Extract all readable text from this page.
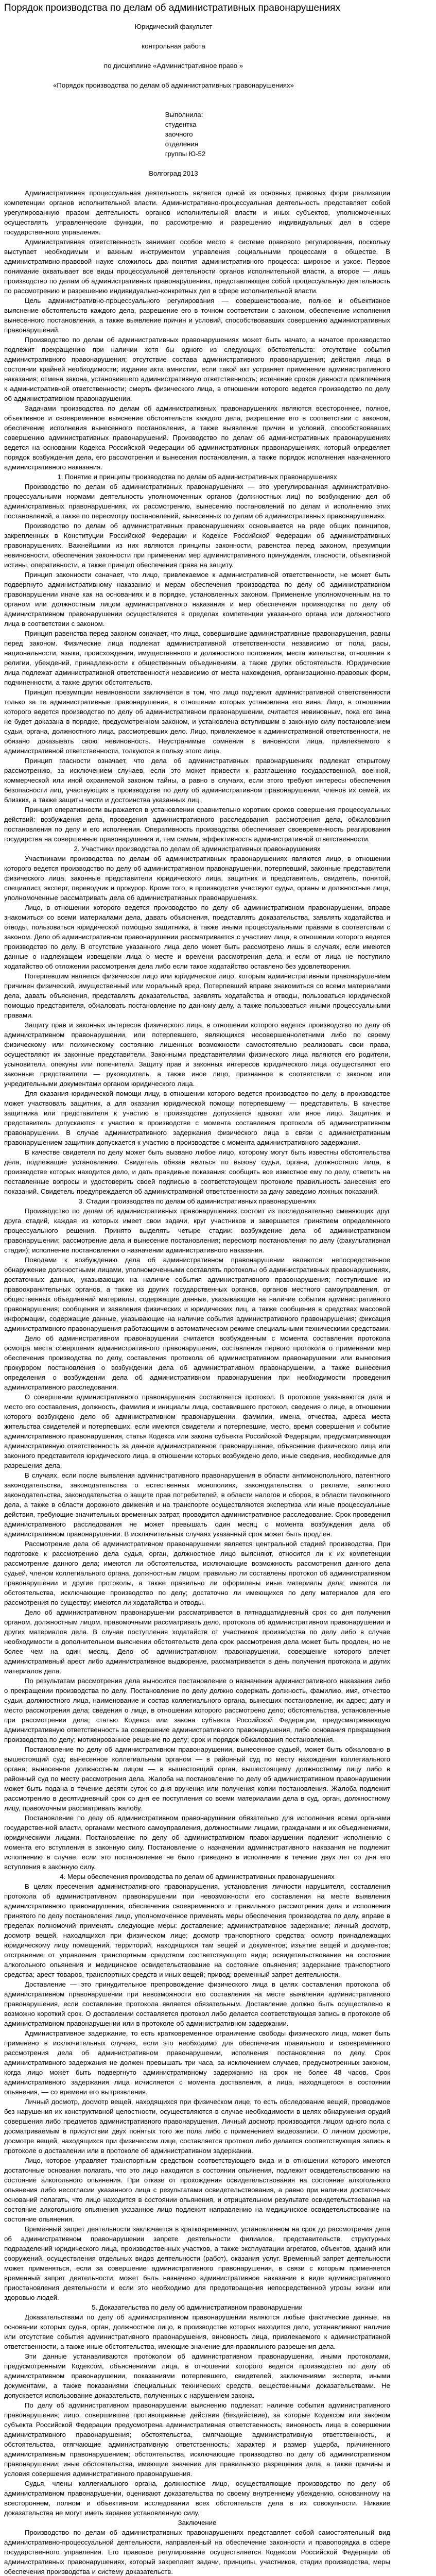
Порядок производства по делам об административных правонарушениях
Юридический факультет
контрольная работа
по дисциплине «Административное право »
«Порядок производства по делам об административных правонарушениях»
Выполнила:
студентка
заочного
отделения
группы Ю-52
Волгоград 2013

Административная процессуальная деятельность является одной из основных правовых форм реализации компетенции органов исполнительной власти. Административно-процессуальная деятельность представляет собой урегулированную правом деятельность органов исполнительной власти и иных субъектов, уполномоченных осуществлять управленческие функции, по рассмотрению и разрешению индивидуальных дел в сфере государственного управления.

Административная ответственность занимает особое место в системе правового регулирования, поскольку выступает необходимым и важным инструментом управления социальными процессами в обществе. В административно-правовой науке сложилось два понятия административного процесса: широкое и узкое. Первое понимание охватывает все виды процессуальной деятельности органов исполнительной власти, а второе — лишь производство по делам об административных правонарушениях, представляющее собой процессуальную деятельность по рассмотрению и разрешению индивидуально-конкретных дел в сфере исполнительной власти.

Цель административно-процессуального регулирования — совершенствование, полное и объективное выяснение обстоятельств каждого дела, разрешение его в точном соответствии с законом, обеспечение исполнения вынесенного постановления, а также выявление причин и условий, способствовавших совершению административных правонарушений.

Производство по делам об административных правонарушениях может быть начато, а начатое производство подлежит прекращению при наличии хотя бы одного из следующих обстоятельств: отсутствие события административного правонарушения; отсутствие состава административного правонарушения; действия лица в состоянии крайней необходимости; издание акта амнистии, если такой акт устраняет применение административного наказания; отмена закона, установившего административную ответственность; истечение сроков давности привлечения к административной ответственности; смерть физического лица, в отношении которого ведется производство по делу об административном правонарушении.

Задачами производства по делам об административных правонарушениях являются всестороннее, полное, объективное и своевременное выяснение обстоятельств каждого дела, разрешение его в соответствии с законом, обеспечение исполнения вынесенного постановления, а также выявление причин и условий, способствовавших совершению административных правонарушений. Производство по делам об административных правонарушениях ведется на основании Кодекса Российской Федерации об административных правонарушениях, который определяет порядок возбуждения дела, его рассмотрения и вынесения постановления, а также порядок исполнения назначенного административного наказания.

1. Понятие и принципы производства по делам об административных правонарушениях

Производство по делам об административных правонарушениях — это урегулированная административно-процессуальными нормами деятельность уполномоченных органов (должностных лиц) по возбуждению дел об административных правонарушениях, их рассмотрению, вынесению постановлений по делам и исполнению этих постановлений, а также по пересмотру постановлений, вынесенных по делам об административных правонарушениях.

Производство по делам об административных правонарушениях основывается на ряде общих принципов, закрепленных в Конституции Российской Федерации и Кодексе Российской Федерации об административных правонарушениях. Важнейшими из них являются принципы законности, равенства перед законом, презумпции невиновности, обеспечения законности при применении мер административного принуждения, гласности, объективной истины, оперативности, а также принцип обеспечения права на защиту.

Принцип законности означает, что лицо, привлекаемое к административной ответственности, не может быть подвергнуто административному наказанию и мерам обеспечения производства по делу об административном правонарушении иначе как на основаниях и в порядке, установленных законом. Применение уполномоченным на то органом или должностным лицом административного наказания и мер обеспечения производства по делу об административном правонарушении осуществляется в пределах компетенции указанного органа или должностного лица в соответствии с законом.

Принцип равенства перед законом означает, что лица, совершившие административные правонарушения, равны перед законом. Физические лица подлежат административной ответственности независимо от пола, расы, национальности, языка, происхождения, имущественного и должностного положения, места жительства, отношения к религии, убеждений, принадлежности к общественным объединениям, а также других обстоятельств. Юридические лица подлежат административной ответственности независимо от места нахождения, организационно-правовых форм, подчиненности, а также других обстоятельств.

Принцип презумпции невиновности заключается в том, что лицо подлежит административной ответственности только за те административные правонарушения, в отношении которых установлена его вина. Лицо, в отношении которого ведется производство по делу об административном правонарушении, считается невиновным, пока его вина не будет доказана в порядке, предусмотренном законом, и установлена вступившим в законную силу постановлением судьи, органа, должностного лица, рассмотревших дело. Лицо, привлекаемое к административной ответственности, не обязано доказывать свою невиновность. Неустранимые сомнения в виновности лица, привлекаемого к административной ответственности, толкуются в пользу этого лица.

Принцип гласности означает, что дела об административных правонарушениях подлежат открытому рассмотрению, за исключением случаев, если это может привести к разглашению государственной, военной, коммерческой или иной охраняемой законом тайны, а равно в случаях, если этого требуют интересы обеспечения безопасности лиц, участвующих в производстве по делу об административном правонарушении, членов их семей, их близких, а также защиты чести и достоинства указанных лиц.

Принцип оперативности выражается в установлении сравнительно коротких сроков совершения процессуальных действий: возбуждения дела, проведения административного расследования, рассмотрения дела, обжалования постановления по делу и его исполнения. Оперативность производства обеспечивает своевременность реагирования государства на совершенные правонарушения и, тем самым, эффективность административной ответственности.

2. Участники производства по делам об административных правонарушениях

Участниками производства по делам об административных правонарушениях являются лицо, в отношении которого ведется производство по делу об административном правонарушении, потерпевший, законные представители физического лица, законные представители юридического лица, защитник и представитель, свидетель, понятой, специалист, эксперт, переводчик и прокурор. Кроме того, в производстве участвуют судьи, органы и должностные лица, уполномоченные рассматривать дела об административных правонарушениях.

Лицо, в отношении которого ведется производство по делу об административном правонарушении, вправе знакомиться со всеми материалами дела, давать объяснения, представлять доказательства, заявлять ходатайства и отводы, пользоваться юридической помощью защитника, а также иными процессуальными правами в соответствии с законом. Дело об административном правонарушении рассматривается с участием лица, в отношении которого ведется производство по делу. В отсутствие указанного лица дело может быть рассмотрено лишь в случаях, если имеются данные о надлежащем извещении лица о месте и времени рассмотрения дела и если от лица не поступило ходатайство об отложении рассмотрения дела либо если такое ходатайство оставлено без удовлетворения.

Потерпевшим является физическое лицо или юридическое лицо, которым административным правонарушением причинен физический, имущественный или моральный вред. Потерпевший вправе знакомиться со всеми материалами дела, давать объяснения, представлять доказательства, заявлять ходатайства и отводы, пользоваться юридической помощью представителя, обжаловать постановление по данному делу, а также пользоваться иными процессуальными правами.

Защиту прав и законных интересов физического лица, в отношении которого ведется производство по делу об административном правонарушении, или потерпевшего, являющихся несовершеннолетними либо по своему физическому или психическому состоянию лишенных возможности самостоятельно реализовать свои права, осуществляют их законные представители. Законными представителями физического лица являются его родители, усыновители, опекуны или попечители. Защиту прав и законных интересов юридического лица осуществляют его законные представители — руководитель, а также иное лицо, признанное в соответствии с законом или учредительными документами органом юридического лица.

Для оказания юридической помощи лицу, в отношении которого ведется производство по делу, в производстве может участвовать защитник, а для оказания юридической помощи потерпевшему — представитель. В качестве защитника или представителя к участию в производстве допускается адвокат или иное лицо. Защитник и представитель допускаются к участию в производстве с момента составления протокола об административном правонарушении. В случае административного задержания физического лица в связи с административным правонарушением защитник допускается к участию в производстве с момента административного задержания.

В качестве свидетеля по делу может быть вызвано любое лицо, которому могут быть известны обстоятельства дела, подлежащие установлению. Свидетель обязан явиться по вызову судьи, органа, должностного лица, в производстве которых находится дело, и дать правдивые показания: сообщить все известное ему по делу, ответить на поставленные вопросы и удостоверить своей подписью в соответствующем протоколе правильность занесения его показаний. Свидетель предупреждается об административной ответственности за дачу заведомо ложных показаний.

3. Стадии производства по делам об административных правонарушениях

Производство по делам об административных правонарушениях состоит из последовательно сменяющих друг друга стадий, каждая из которых имеет свои задачи, круг участников и завершается принятием определенного процессуального решения. Принято выделять четыре стадии: возбуждение дела об административном правонарушении; рассмотрение дела и вынесение постановления; пересмотр постановления по делу (факультативная стадия); исполнение постановления о назначении административного наказания.

Поводами к возбуждению дела об административном правонарушении являются: непосредственное обнаружение должностными лицами, уполномоченными составлять протоколы об административных правонарушениях, достаточных данных, указывающих на наличие события административного правонарушения; поступившие из правоохранительных органов, а также из других государственных органов, органов местного самоуправления, от общественных объединений материалы, содержащие данные, указывающие на наличие события административного правонарушения; сообщения и заявления физических и юридических лиц, а также сообщения в средствах массовой информации, содержащие данные, указывающие на наличие события административного правонарушения; фиксация административного правонарушения работающими в автоматическом режиме специальными техническими средствами.

Дело об административном правонарушении считается возбужденным с момента составления протокола осмотра места совершения административного правонарушения, составления первого протокола о применении мер обеспечения производства по делу, составления протокола об административном правонарушении или вынесения прокурором постановления о возбуждении дела об административном правонарушении, а также вынесения определения о возбуждении дела об административном правонарушении при необходимости проведения административного расследования.

О совершении административного правонарушения составляется протокол. В протоколе указываются дата и место его составления, должность, фамилия и инициалы лица, составившего протокол, сведения о лице, в отношении которого возбуждено дело об административном правонарушении, фамилии, имена, отчества, адреса места жительства свидетелей и потерпевших, если имеются свидетели и потерпевшие, место, время совершения и событие административного правонарушения, статья Кодекса или закона субъекта Российской Федерации, предусматривающая административную ответственность за данное административное правонарушение, объяснение физического лица или законного представителя юридического лица, в отношении которых возбуждено дело, иные сведения, необходимые для разрешения дела.

В случаях, если после выявления административного правонарушения в области антимонопольного, патентного законодательства, законодательства о естественных монополиях, законодательства о рекламе, валютного законодательства, законодательства о защите прав потребителей, в области налогов и сборов, в области таможенного дела, а также в области дорожного движения и на транспорте осуществляются экспертиза или иные процессуальные действия, требующие значительных временных затрат, проводится административное расследование. Срок проведения административного расследования не может превышать один месяц с момента возбуждения дела об административном правонарушении. В исключительных случаях указанный срок может быть продлен.

Рассмотрение дела об административном правонарушении является центральной стадией производства. При подготовке к рассмотрению дела судья, орган, должностное лицо выясняют, относится ли к их компетенции рассмотрение данного дела; имеются ли обстоятельства, исключающие возможность рассмотрения данного дела судьей, членом коллегиального органа, должностным лицом; правильно ли составлены протокол об административном правонарушении и другие протоколы, а также правильно ли оформлены иные материалы дела; имеются ли обстоятельства, исключающие производство по делу; достаточно ли имеющихся по делу материалов для его рассмотрения по существу; имеются ли ходатайства и отводы.

Дело об административном правонарушении рассматривается в пятнадцатидневный срок со дня получения органом, должностным лицом, правомочными рассматривать дело, протокола об административном правонарушении и других материалов дела. В случае поступления ходатайств от участников производства по делу либо в случае необходимости в дополнительном выяснении обстоятельств дела срок рассмотрения дела может быть продлен, но не более чем на один месяц. Дело об административном правонарушении, совершение которого влечет административный арест либо административное выдворение, рассматривается в день получения протокола и других материалов дела.

По результатам рассмотрения дела выносится постановление о назначении административного наказания либо о прекращении производства по делу. Постановление по делу должно содержать должность, фамилию, имя, отчество судьи, должностного лица, наименование и состав коллегиального органа, вынесших постановление, их адрес; дату и место рассмотрения дела; сведения о лице, в отношении которого рассмотрено дело; обстоятельства, установленные при рассмотрении дела; статью Кодекса или закона субъекта Российской Федерации, предусматривающую административную ответственность за совершение административного правонарушения, либо основания прекращения производства по делу; мотивированное решение по делу; срок и порядок обжалования постановления.

Постановление по делу об административном правонарушении, вынесенное судьей, может быть обжаловано в вышестоящий суд; вынесенное коллегиальным органом — в районный суд по месту нахождения коллегиального органа; вынесенное должностным лицом — в вышестоящий орган, вышестоящему должностному лицу либо в районный суд по месту рассмотрения дела. Жалоба на постановление по делу об административном правонарушении может быть подана в течение десяти суток со дня вручения или получения копии постановления. Жалоба подлежит рассмотрению в десятидневный срок со дня ее поступления со всеми материалами дела в суд, орган, должностному лицу, правомочным рассматривать жалобу.

Постановление по делу об административном правонарушении обязательно для исполнения всеми органами государственной власти, органами местного самоуправления, должностными лицами, гражданами и их объединениями, юридическими лицами. Постановление по делу об административном правонарушении подлежит исполнению с момента его вступления в законную силу. Постановление о назначении административного наказания не подлежит исполнению в случае, если это постановление не было приведено в исполнение в течение двух лет со дня его вступления в законную силу.

4. Меры обеспечения производства по делам об административных правонарушениях

В целях пресечения административного правонарушения, установления личности нарушителя, составления протокола об административном правонарушении при невозможности его составления на месте выявления административного правонарушения, обеспечения своевременного и правильного рассмотрения дела и исполнения принятого по делу постановления лицо, уполномоченное применять меры обеспечения производства по делу, вправе в пределах полномочий применять следующие меры: доставление; административное задержание; личный досмотр, досмотр вещей, находящихся при физическом лице; досмотр транспортного средства; осмотр принадлежащих юридическому лицу помещений, территорий, находящихся там вещей и документов; изъятие вещей и документов; отстранение от управления транспортным средством соответствующего вида; освидетельствование на состояние алкогольного опьянения и медицинское освидетельствование на состояние опьянения; задержание транспортного средства; арест товаров, транспортных средств и иных вещей; привод; временный запрет деятельности.

Доставление — это принудительное препровождение физического лица в целях составления протокола об административном правонарушении при невозможности его составления на месте выявления административного правонарушения, если составление протокола является обязательным. Доставление должно быть осуществлено в возможно короткий срок. О доставлении составляется протокол либо делается соответствующая запись в протоколе об административном правонарушении или в протоколе об административном задержании.

Административное задержание, то есть кратковременное ограничение свободы физического лица, может быть применено в исключительных случаях, если это необходимо для обеспечения правильного и своевременного рассмотрения дела об административном правонарушении, исполнения постановления по делу. Срок административного задержания не должен превышать три часа, за исключением случаев, предусмотренных законом, когда лицо может быть подвергнуто административному задержанию на срок не более 48 часов. Срок административного задержания лица исчисляется с момента доставления, а лица, находящегося в состоянии опьянения, — со времени его вытрезвления.

Личный досмотр, досмотр вещей, находящихся при физическом лице, то есть обследование вещей, проводимое без нарушения их конструктивной целостности, осуществляются в случае необходимости в целях обнаружения орудий совершения либо предметов административного правонарушения. Личный досмотр производится лицом одного пола с досматриваемым в присутствии двух понятых того же пола либо с применением видеозаписи. О личном досмотре, досмотре вещей, находящихся при физическом лице, составляется протокол либо делается соответствующая запись в протоколе о доставлении или в протоколе об административном задержании.

Лицо, которое управляет транспортным средством соответствующего вида и в отношении которого имеются достаточные основания полагать, что это лицо находится в состоянии опьянения, подлежит освидетельствованию на состояние алкогольного опьянения. При отказе от прохождения освидетельствования на состояние алкогольного опьянения либо несогласии указанного лица с результатами освидетельствования, а равно при наличии достаточных оснований полагать, что лицо находится в состоянии опьянения, и отрицательном результате освидетельствования на состояние алкогольного опьянения указанное лицо подлежит направлению на медицинское освидетельствование на состояние опьянения.

Временный запрет деятельности заключается в кратковременном, установленном на срок до рассмотрения дела об административном правонарушении запрете деятельности филиалов, представительств, структурных подразделений юридического лица, производственных участков, а также эксплуатации агрегатов, объектов, зданий или сооружений, осуществления отдельных видов деятельности (работ), оказания услуг. Временный запрет деятельности может применяться, если за совершение административного правонарушения, в связи с которым применяется временный запрет деятельности, может быть назначено административное наказание в виде административного приостановления деятельности и если это необходимо для предотвращения непосредственной угрозы жизни или здоровью людей.

5. Доказательства по делу об административном правонарушении

Доказательствами по делу об административном правонарушении являются любые фактические данные, на основании которых судья, орган, должностное лицо, в производстве которых находится дело, устанавливают наличие или отсутствие события административного правонарушения, виновность лица, привлекаемого к административной ответственности, а также иные обстоятельства, имеющие значение для правильного разрешения дела.

Эти данные устанавливаются протоколом об административном правонарушении, иными протоколами, предусмотренными Кодексом, объяснениями лица, в отношении которого ведется производство по делу об административном правонарушении, показаниями потерпевшего, свидетелей, заключениями эксперта, иными документами, а также показаниями специальных технических средств, вещественными доказательствами. Не допускается использование доказательств, полученных с нарушением закона.

По делу об административном правонарушении выяснению подлежат: наличие события административного правонарушения; лицо, совершившее противоправные действия (бездействие), за которые Кодексом или законом субъекта Российской Федерации предусмотрена административная ответственность; виновность лица в совершении административного правонарушения; обстоятельства, смягчающие административную ответственность, и обстоятельства, отягчающие административную ответственность; характер и размер ущерба, причиненного административным правонарушением; обстоятельства, исключающие производство по делу об административном правонарушении; иные обстоятельства, имеющие значение для правильного разрешения дела, а также причины и условия совершения административного правонарушения.

Судья, члены коллегиального органа, должностное лицо, осуществляющие производство по делу об административном правонарушении, оценивают доказательства по своему внутреннему убеждению, основанному на всестороннем, полном и объективном исследовании всех обстоятельств дела в их совокупности. Никакие доказательства не могут иметь заранее установленную силу.

Заключение

Производство по делам об административных правонарушениях представляет собой самостоятельный вид административно-процессуальной деятельности, направленный на обеспечение законности и правопорядка в сфере государственного управления. Его правовое регулирование осуществляется Кодексом Российской Федерации об административных правонарушениях, который закрепляет задачи, принципы, участников, стадии производства, меры обеспечения производства и систему доказательств.
